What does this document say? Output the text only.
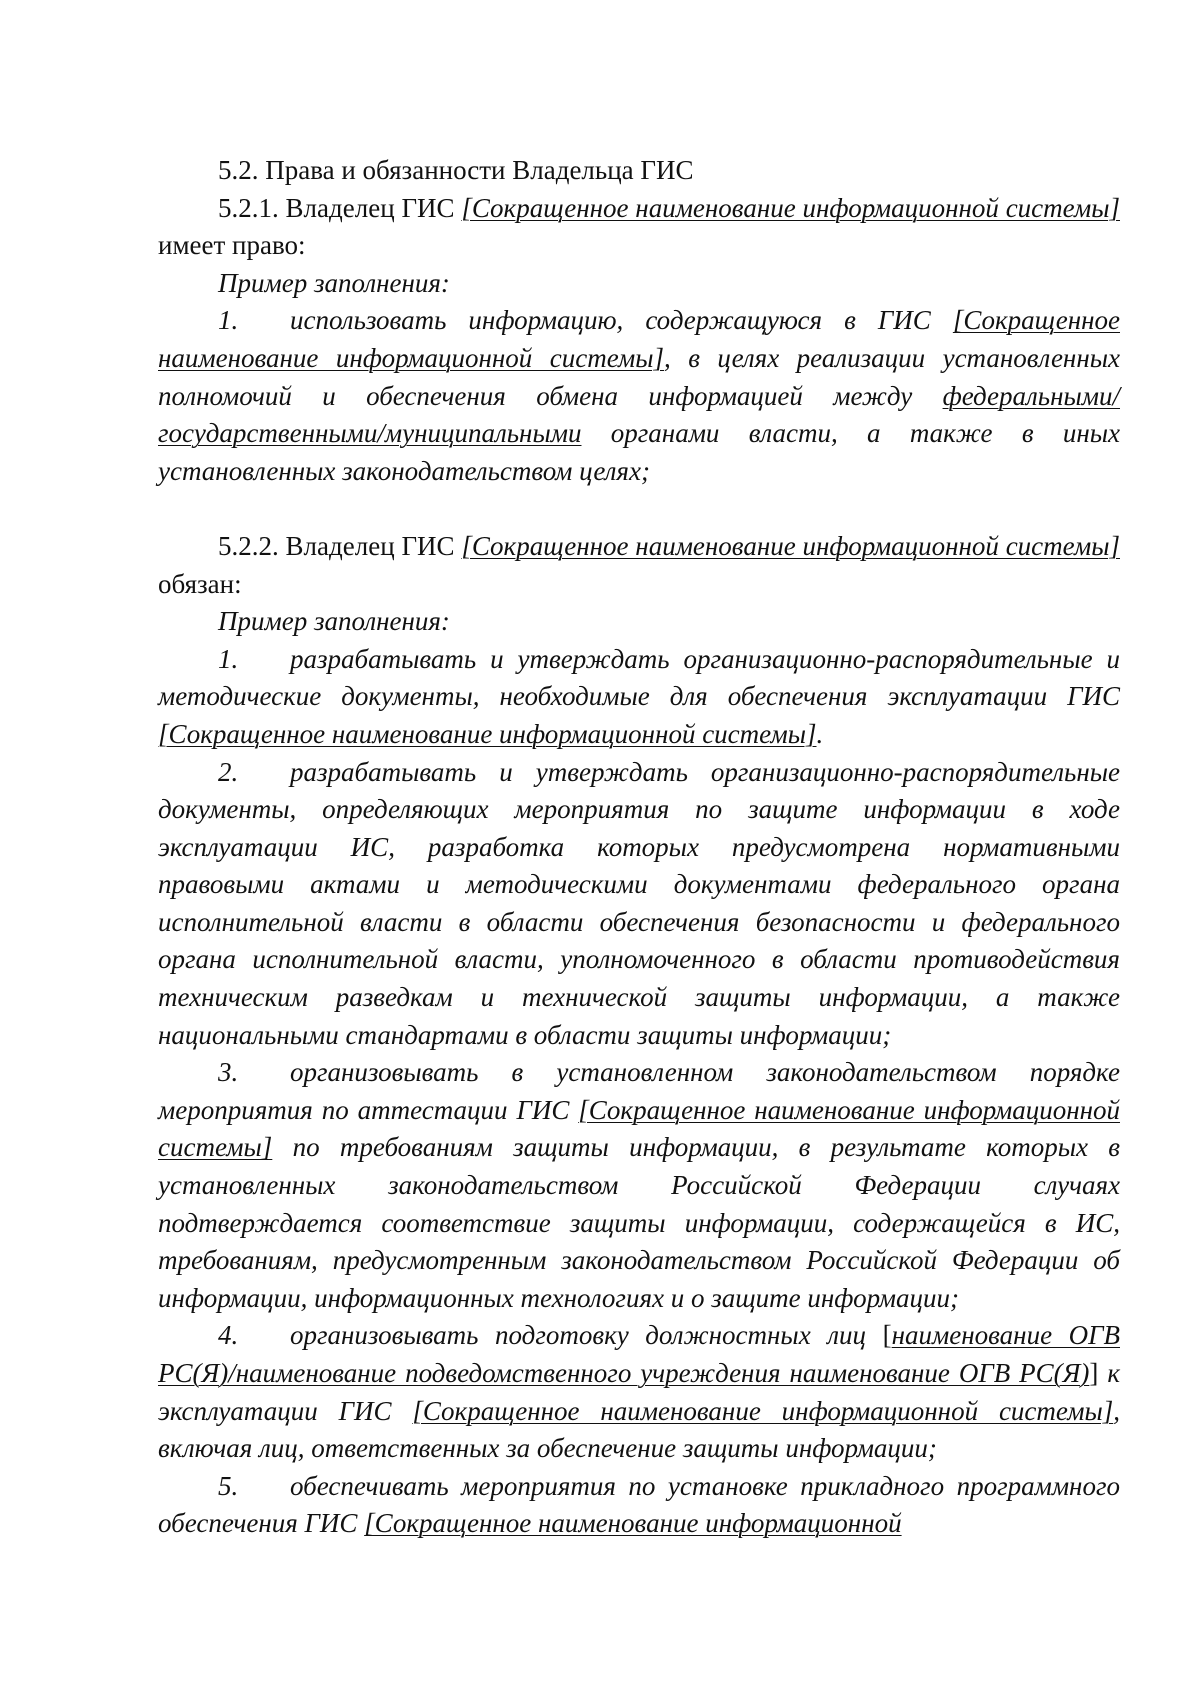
5.2. Права и обязанности Владельца ГИС

5.2.1. Владелец ГИС [Сокращенное наименование информационной системы] имеет право:

Пример заполнения:

1. использовать информацию, содержащуюся в ГИС [Сокращенное наименование информационной системы], в целях реализации установленных полномочий и обеспечения обмена информацией между федеральными/государственными/муниципальными органами власти, а также в иных установленных законодательством целях;

5.2.2. Владелец ГИС [Сокращенное наименование информационной системы] обязан:

Пример заполнения:

1. разрабатывать и утверждать организационно-распорядительные и методические документы, необходимые для обеспечения эксплуатации ГИС [Сокращенное наименование информационной системы].

2. разрабатывать и утверждать организационно-распорядительные документы, определяющих мероприятия по защите информации в ходе эксплуатации ИС, разработка которых предусмотрена нормативными правовыми актами и методическими документами федерального органа исполнительной власти в области обеспечения безопасности и федерального органа исполнительной власти, уполномоченного в области противодействия техническим разведкам и технической защиты информации, а также национальными стандартами в области защиты информации;

3. организовывать в установленном законодательством порядке мероприятия по аттестации ГИС [Сокращенное наименование информационной системы] по требованиям защиты информации, в результате которых в установленных законодательством Российской Федерации случаях подтверждается соответствие защиты информации, содержащейся в ИС, требованиям, предусмотренным законодательством Российской Федерации об информации, информационных технологиях и о защите информации;

4. организовывать подготовку должностных лиц [наименование ОГВ РС(Я)/наименование подведомственного учреждения наименование ОГВ РС(Я)] к эксплуатации ГИС [Сокращенное наименование информационной системы], включая лиц, ответственных за обеспечение защиты информации;

5. обеспечивать мероприятия по установке прикладного программного обеспечения ГИС [Сокращенное наименование информационной
